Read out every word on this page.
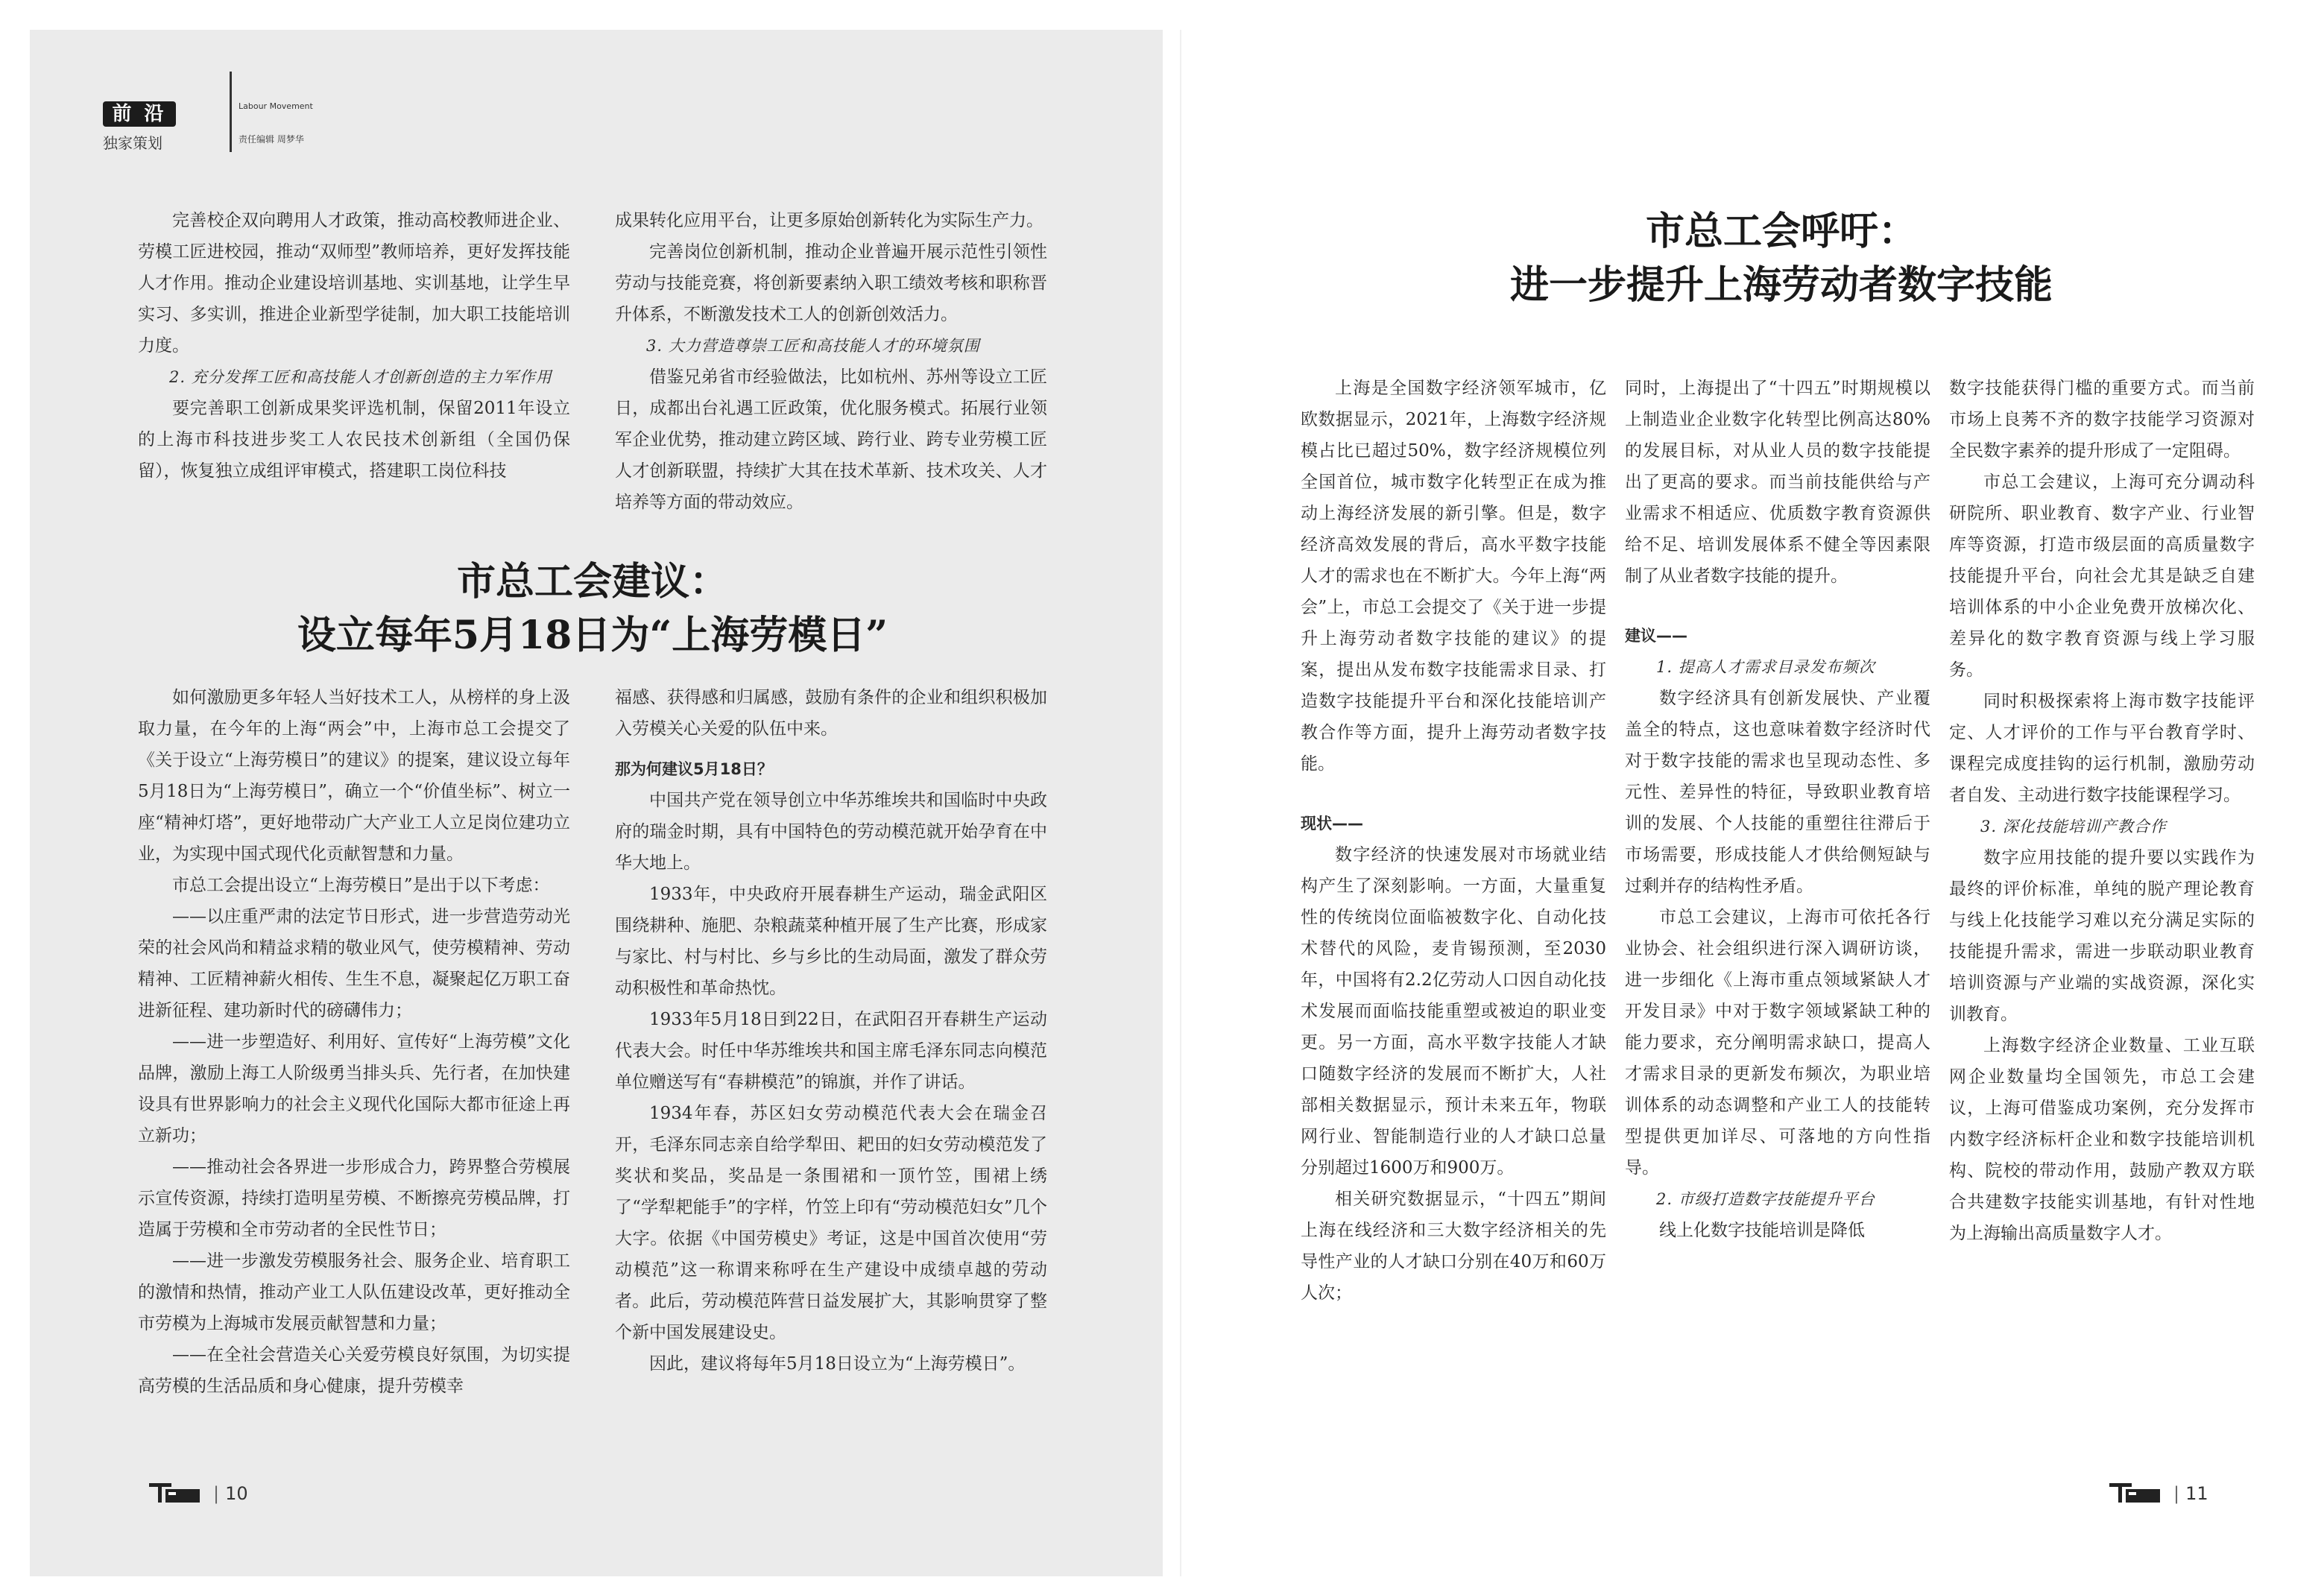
前 沿
独家策划
Labour Movement
责任编辑 周梦华

完善校企双向聘用人才政策，推动高校教师进企业、劳模工匠进校园，推动“双师型”教师培养，更好发挥技能人才作用。推动企业建设培训基地、实训基地，让学生早实习、多实训，推进企业新型学徒制，加大职工技能培训力度。

2. 充分发挥工匠和高技能人才创新创造的主力军作用

要完善职工创新成果奖评选机制，保留2011年设立的上海市科技进步奖工人农民技术创新组（全国仍保留），恢复独立成组评审模式，搭建职工岗位科技

成果转化应用平台，让更多原始创新转化为实际生产力。

完善岗位创新机制，推动企业普遍开展示范性引领性劳动与技能竞赛，将创新要素纳入职工绩效考核和职称晋升体系，不断激发技术工人的创新创效活力。

3. 大力营造尊崇工匠和高技能人才的环境氛围

借鉴兄弟省市经验做法，比如杭州、苏州等设立工匠日，成都出台礼遇工匠政策，优化服务模式。拓展行业领军企业优势，推动建立跨区域、跨行业、跨专业劳模工匠人才创新联盟，持续扩大其在技术革新、技术攻关、人才培养等方面的带动效应。

市总工会建议：
设立每年5月18日为“上海劳模日”

如何激励更多年轻人当好技术工人，从榜样的身上汲取力量，在今年的上海“两会”中，上海市总工会提交了《关于设立“上海劳模日”的建议》的提案，建议设立每年5月18日为“上海劳模日”，确立一个“价值坐标”、树立一座“精神灯塔”，更好地带动广大产业工人立足岗位建功立业，为实现中国式现代化贡献智慧和力量。

市总工会提出设立“上海劳模日”是出于以下考虑：

——以庄重严肃的法定节日形式，进一步营造劳动光荣的社会风尚和精益求精的敬业风气，使劳模精神、劳动精神、工匠精神薪火相传、生生不息，凝聚起亿万职工奋进新征程、建功新时代的磅礴伟力；

——进一步塑造好、利用好、宣传好“上海劳模”文化品牌，激励上海工人阶级勇当排头兵、先行者，在加快建设具有世界影响力的社会主义现代化国际大都市征途上再立新功；

——推动社会各界进一步形成合力，跨界整合劳模展示宣传资源，持续打造明星劳模、不断擦亮劳模品牌，打造属于劳模和全市劳动者的全民性节日；

——进一步激发劳模服务社会、服务企业、培育职工的激情和热情，推动产业工人队伍建设改革，更好推动全市劳模为上海城市发展贡献智慧和力量；

——在全社会营造关心关爱劳模良好氛围，为切实提高劳模的生活品质和身心健康，提升劳模幸

福感、获得感和归属感，鼓励有条件的企业和组织积极加入劳模关心关爱的队伍中来。

那为何建议5月18日？

中国共产党在领导创立中华苏维埃共和国临时中央政府的瑞金时期，具有中国特色的劳动模范就开始孕育在中华大地上。

1933年，中央政府开展春耕生产运动，瑞金武阳区围绕耕种、施肥、杂粮蔬菜种植开展了生产比赛，形成家与家比、村与村比、乡与乡比的生动局面，激发了群众劳动积极性和革命热忱。

1933年5月18日到22日，在武阳召开春耕生产运动代表大会。时任中华苏维埃共和国主席毛泽东同志向模范单位赠送写有“春耕模范”的锦旗，并作了讲话。

1934年春，苏区妇女劳动模范代表大会在瑞金召开，毛泽东同志亲自给学犁田、耙田的妇女劳动模范发了奖状和奖品，奖品是一条围裙和一顶竹笠，围裙上绣了“学犁耙能手”的字样，竹笠上印有“劳动模范妇女”几个大字。依据《中国劳模史》考证，这是中国首次使用“劳动模范”这一称谓来称呼在生产建设中成绩卓越的劳动者。此后，劳动模范阵营日益发展扩大，其影响贯穿了整个新中国发展建设史。

因此，建议将每年5月18日设立为“上海劳模日”。

| 10
市总工会呼吁：
进一步提升上海劳动者数字技能

上海是全国数字经济领军城市，亿欧数据显示，2021年，上海数字经济规模占比已超过50%，数字经济规模位列全国首位，城市数字化转型正在成为推动上海经济发展的新引擎。但是，数字经济高效发展的背后，高水平数字技能人才的需求也在不断扩大。今年上海“两会”上，市总工会提交了《关于进一步提升上海劳动者数字技能的建议》的提案，提出从发布数字技能需求目录、打造数字技能提升平台和深化技能培训产教合作等方面，提升上海劳动者数字技能。

现状——

数字经济的快速发展对市场就业结构产生了深刻影响。一方面，大量重复性的传统岗位面临被数字化、自动化技术替代的风险，麦肯锡预测，至2030年，中国将有2.2亿劳动人口因自动化技术发展而面临技能重塑或被迫的职业变更。另一方面，高水平数字技能人才缺口随数字经济的发展而不断扩大，人社部相关数据显示，预计未来五年，物联网行业、智能制造行业的人才缺口总量分别超过1600万和900万。

相关研究数据显示，“十四五”期间上海在线经济和三大数字经济相关的先导性产业的人才缺口分别在40万和60万人次；

同时，上海提出了“十四五”时期规模以上制造业企业数字化转型比例高达80%的发展目标，对从业人员的数字技能提出了更高的要求。而当前技能供给与产业需求不相适应、优质数字教育资源供给不足、培训发展体系不健全等因素限制了从业者数字技能的提升。

建议——

1. 提高人才需求目录发布频次

数字经济具有创新发展快、产业覆盖全的特点，这也意味着数字经济时代对于数字技能的需求也呈现动态性、多元性、差异性的特征，导致职业教育培训的发展、个人技能的重塑往往滞后于市场需要，形成技能人才供给侧短缺与过剩并存的结构性矛盾。

市总工会建议，上海市可依托各行业协会、社会组织进行深入调研访谈，进一步细化《上海市重点领域紧缺人才开发目录》中对于数字领域紧缺工种的能力要求，充分阐明需求缺口，提高人才需求目录的更新发布频次，为职业培训体系的动态调整和产业工人的技能转型提供更加详尽、可落地的方向性指导。

2. 市级打造数字技能提升平台

线上化数字技能培训是降低

数字技能获得门槛的重要方式。而当前市场上良莠不齐的数字技能学习资源对全民数字素养的提升形成了一定阻碍。

市总工会建议，上海可充分调动科研院所、职业教育、数字产业、行业智库等资源，打造市级层面的高质量数字技能提升平台，向社会尤其是缺乏自建培训体系的中小企业免费开放梯次化、差异化的数字教育资源与线上学习服务。

同时积极探索将上海市数字技能评定、人才评价的工作与平台教育学时、课程完成度挂钩的运行机制，激励劳动者自发、主动进行数字技能课程学习。

3. 深化技能培训产教合作

数字应用技能的提升要以实践作为最终的评价标准，单纯的脱产理论教育与线上化技能学习难以充分满足实际的技能提升需求，需进一步联动职业教育培训资源与产业端的实战资源，深化实训教育。

上海数字经济企业数量、工业互联网企业数量均全国领先，市总工会建议，上海可借鉴成功案例，充分发挥市内数字经济标杆企业和数字技能培训机构、院校的带动作用，鼓励产教双方联合共建数字技能实训基地，有针对性地为上海输出高质量数字人才。

| 11
